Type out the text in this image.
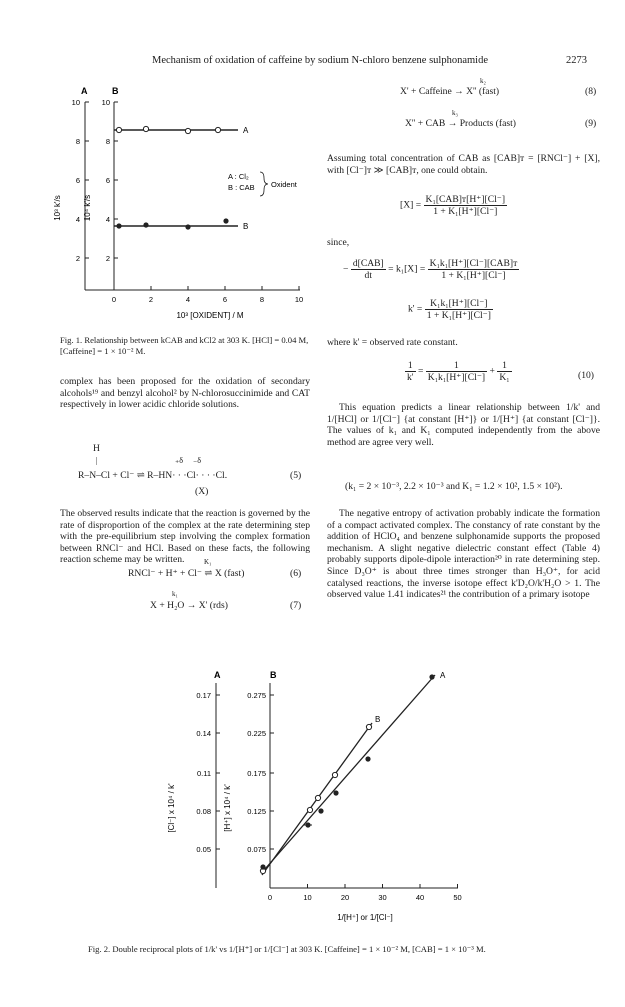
Mechanism of oxidation of caffeine by sodium N-chloro benzene sulphonamide	2273
A	B
10	10
8	8
6	6
4	4
2	2
0	2	4	6	8	10
10³ k'/s	10⁴ k'/s
10³ [OXIDENT] / M
A
B
A : Cl₂
B : CAB Oxident
Fig. 1. Relationship between kCAB and kCl2 at 303 K. [HCl] = 0.04 M, [Caffeine] = 1 × 10⁻² M.

complex has been proposed for the oxidation of secondary alcohols¹⁹ and benzyl alcohol² by N-chlorosuccinimide and CAT respectively in lower acidic chloride solutions.

H
|	₊δ     ₋δ
R–N–Cl + Cl⁻ ⇌ R–HN· · ·Cl· · · ·Cl.	(5)
(X)

The observed results indicate that the reaction is governed by the rate of disproportion of the complex at the rate determining step with the pre-equilibrium step involving the complex formation between RNCl⁻ and HCl. Based on these facts, the following reaction scheme may be written.	K₁
RNCl⁻ + H⁺ + Cl⁻ ⇌ X (fast)	(6)
k₁
X + H₂O → X' (rds)	(7)
k₂
X' + Caffeine → X'' (fast)	(8)
k₃
X'' + CAB → Products (fast)	(9)

Assuming total concentration of CAB as [CAB]ᴛ = [RNCl⁻] + [X], with [Cl⁻]ᴛ ≫ [CAB]ᴛ, one could obtain.

$[X] = \frac{\text{K₁[CAB]ᴛ[H⁺][Cl⁻]}}{\text{1 + K₁[H⁺][Cl⁻]}}$

since,

− $\frac{\text{d[CAB]}}{dt} = k_1[X] = \frac{\text{K₁k₁[H⁺][Cl⁻][CAB]ᴛ}}{\text{1 + K₁[H⁺][Cl⁻]}}$
$k' = \frac{\text{K₁k₁[H⁺][Cl⁻]}}{\text{1 + K₁[H⁺][Cl⁻]}}$

where k' = observed rate constant.

$\frac{1}{k'} = \frac{1}{\text{K₁k₁[H⁺][Cl⁻]}} + \frac{1}{\text{K₁}}$	(10)

This equation predicts a linear relationship between 1/k' and 1/[HCl] or 1/[Cl⁻] {at constant [H⁺]} or 1/[H⁺] {at constant [Cl⁻]}. The values of k₁ and K₁ computed independently from the above method are agree very well.

(k₁ = 2 × 10⁻³, 2.2 × 10⁻³ and K₁ = 1.2 × 10², 1.5 × 10²).

The negative entropy of activation probably indicate the formation of a compact activated complex. The constancy of rate constant by the addition of HClO₄ and benzene sulphonamide supports the proposed mechanism. A slight negative dielectric constant effect (Table 4) probably supports dipole-dipole interaction²⁰ in rate determining step. Since D₃O⁺ is about three times stronger than H₃O⁺, for acid catalysed reactions, the inverse isotope effect k'D₂O/k'H₂O > 1. The observed value 1.41 indicates²¹ the contribution of a primary isotope

A	B
0.17
0.14
0.11
0.08
0.05
0.275
0.225
0.175
0.125
0.075
0	10	20	30	40	50
[Cl⁻] x 10⁴ / k'	[H⁺] x 10⁴ / k'
1/[H⁺] or 1/[Cl⁻]
A
B
Fig. 2. Double reciprocal plots of 1/k' vs 1/[H⁺] or 1/[Cl⁻] at 303 K. [Caffeine] = 1 × 10⁻² M, [CAB] = 1 × 10⁻³ M.
